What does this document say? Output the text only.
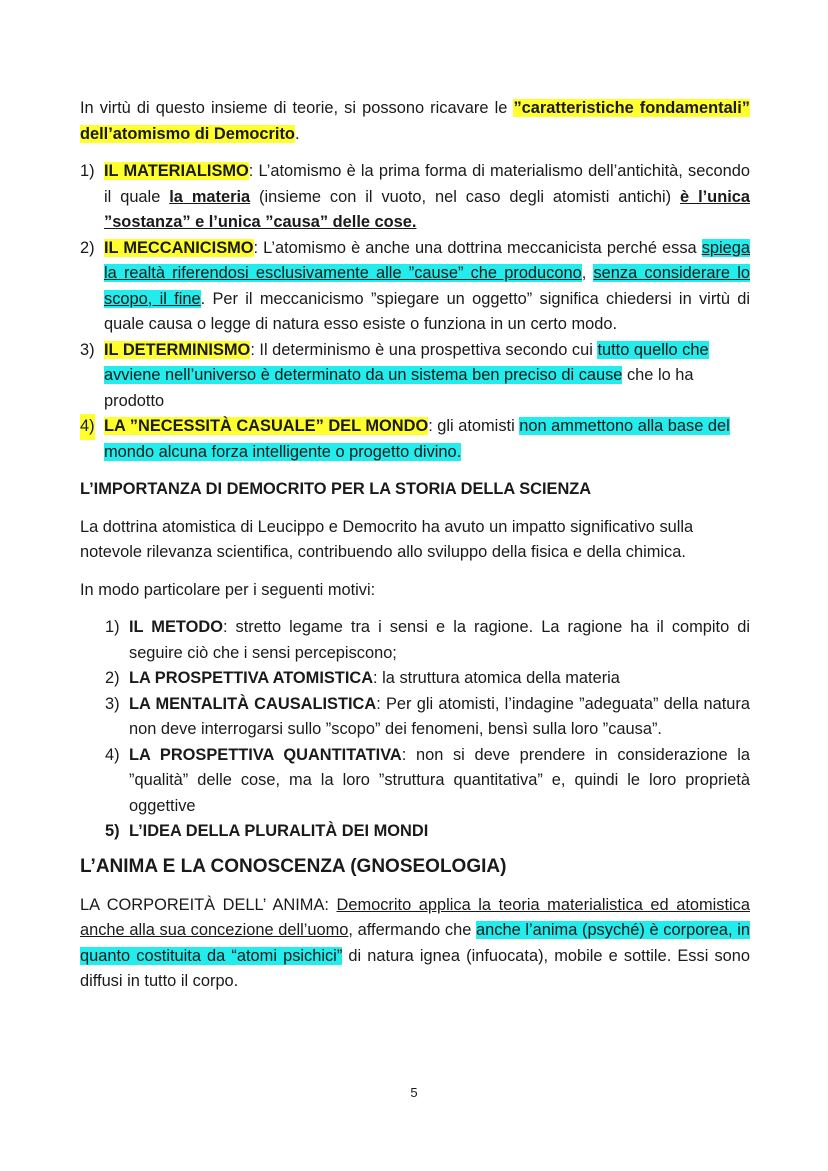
In virtù di questo insieme di teorie, si possono ricavare le ”caratteristiche fondamentali” dell’atomismo di Democrito.

1) IL MATERIALISMO: L’atomismo è la prima forma di materialismo dell’antichità, secondo il quale la materia (insieme con il vuoto, nel caso degli atomisti antichi) è l’unica ”sostanza” e l’unica ”causa” delle cose.
2) IL MECCANICISMO: L’atomismo è anche una dottrina meccanicista perché essa spiega la realtà riferendosi esclusivamente alle ”cause” che producono, senza considerare lo scopo, il fine. Per il meccanicismo ”spiegare un oggetto” significa chiedersi in virtù di quale causa o legge di natura esso esiste o funziona in un certo modo.
3) IL DETERMINISMO: Il determinismo è una prospettiva secondo cui tutto quello che avviene nell’universo è determinato da un sistema ben preciso di cause che lo ha prodotto
4) LA ”NECESSITÀ CASUALE” DEL MONDO: gli atomisti non ammettono alla base del mondo alcuna forza intelligente o progetto divino.

L’IMPORTANZA DI DEMOCRITO PER LA STORIA DELLA SCIENZA

La dottrina atomistica di Leucippo e Democrito ha avuto un impatto significativo sulla notevole rilevanza scientifica, contribuendo allo sviluppo della fisica e della chimica.

In modo particolare per i seguenti motivi:

1) IL METODO: stretto legame tra i sensi e la ragione. La ragione ha il compito di seguire ciò che i sensi percepiscono;
2) LA PROSPETTIVA ATOMISTICA: la struttura atomica della materia
3) LA MENTALITÀ CAUSALISTICA: Per gli atomisti, l’indagine ”adeguata” della natura non deve interrogarsi sullo ”scopo” dei fenomeni, bensì sulla loro ”causa”.
4) LA PROSPETTIVA QUANTITATIVA: non si deve prendere in considerazione la ”qualità” delle cose, ma la loro ”struttura quantitativa” e, quindi le loro proprietà oggettive
5) L’IDEA DELLA PLURALITÀ DEI MONDI

L’ANIMA E LA CONOSCENZA (GNOSEOLOGIA)

LA CORPOREITÀ DELL’ ANIMA: Democrito applica la teoria materialistica ed atomistica anche alla sua concezione dell’uomo, affermando che anche l’anima (psyché) è corporea, in quanto costituita da “atomi psichici” di natura ignea (infuocata), mobile e sottile. Essi sono diffusi in tutto il corpo.

5
